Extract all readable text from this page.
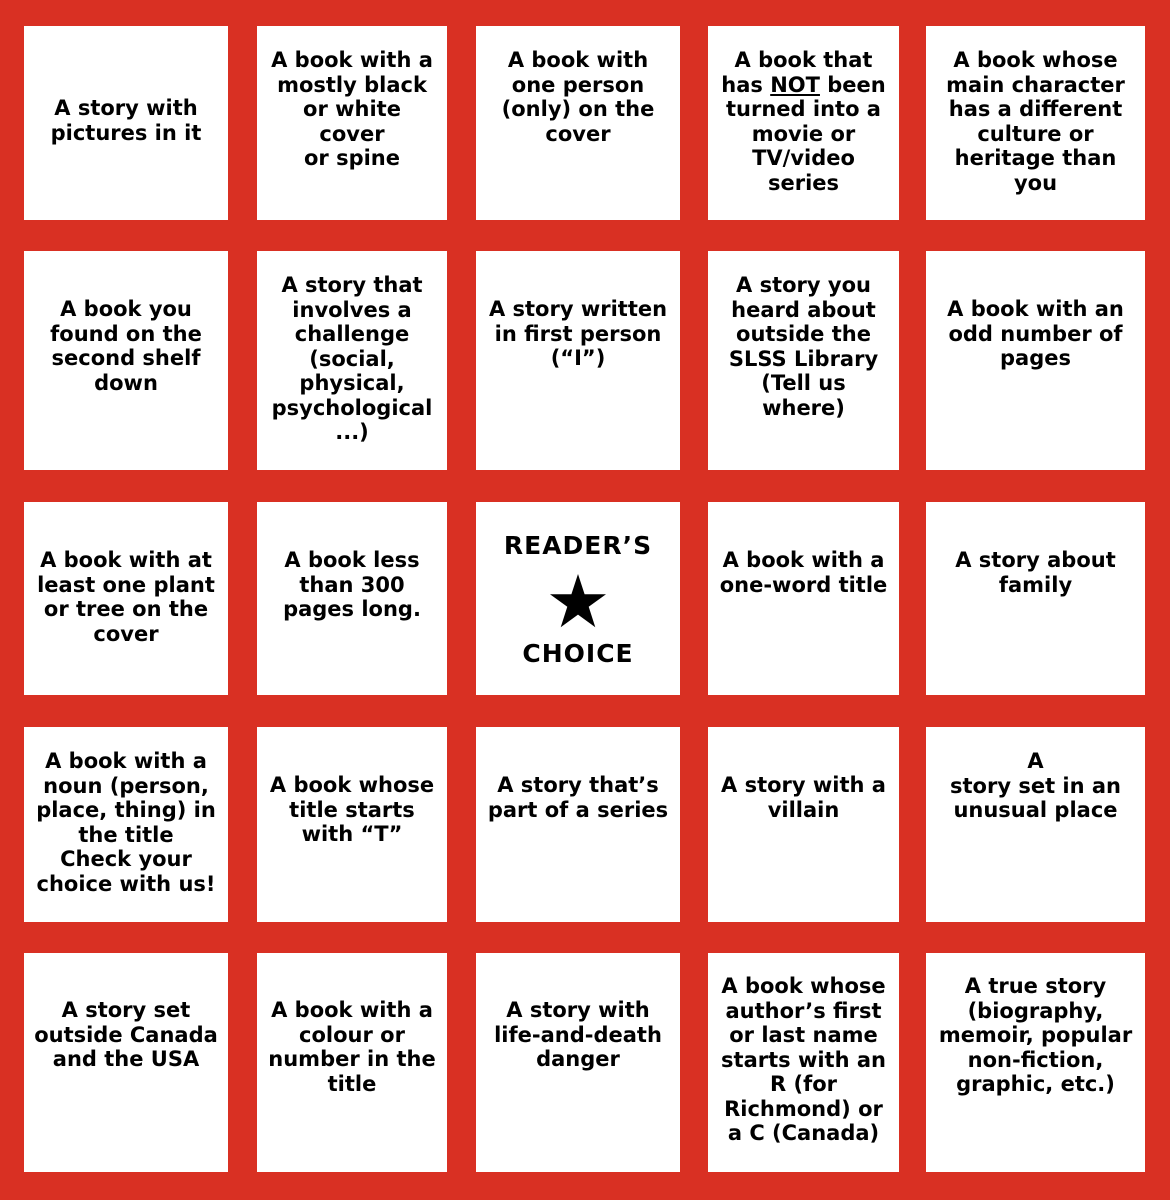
A story with
pictures in it
A book with a
mostly black
or white cover
or spine
A book with
one person
(only) on the
cover
A book that
has NOT been
turned into a
movie or
TV/video
series
A book whose
main character
has a different
culture or
heritage than
you
A book you
found on the
second shelf
down
A story that
involves a
challenge
(social,
physical,
psychological
...)
A story written
in first person
(“I”)
A story you
heard about
outside the
SLSS Library
(Tell us where)
A book with an
odd number of
pages
A book with at
least one plant
or tree on the
cover
A book less
than 300
pages long.
READER’S
CHOICE
A book with a
one-word title
A story about
family
A book with a
noun (person,
place, thing) in
the title
Check your
choice with us!
A book whose
title starts
with “T”
A story that’s
part of a series
A story with a
villain
A
story set in an
unusual place
A story set
outside Canada
and the USA
A book with a
colour or
number in the
title
A story with
life-and-death
danger
A book whose
author’s first
or last name
starts with an
R (for
Richmond) or
a C (Canada)
A true story
(biography,
memoir, popular
non-fiction,
graphic, etc.)
